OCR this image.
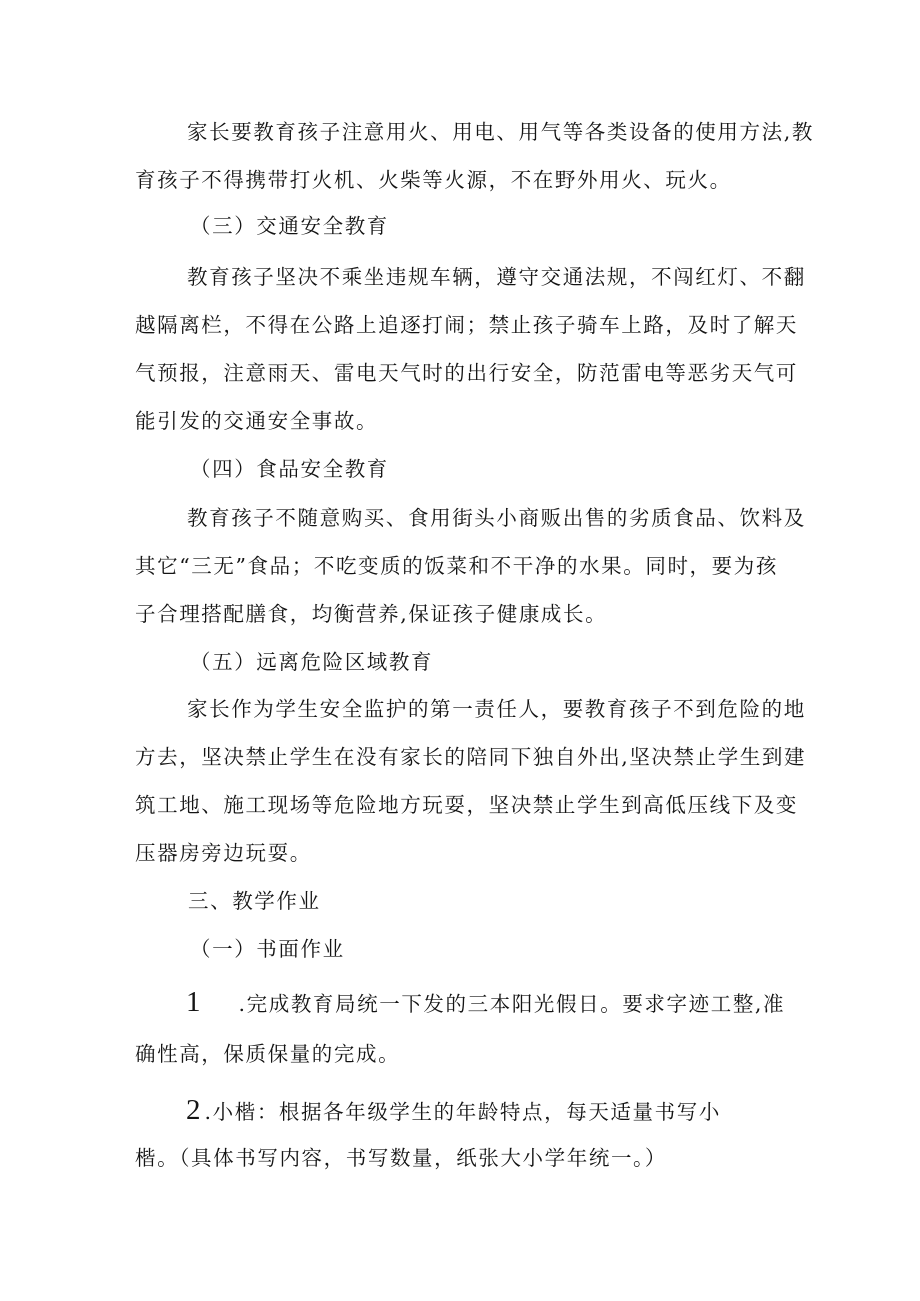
家长要教育孩子注意用火、用电、用气等各类设备的使用方法,教
育孩子不得携带打火机、火柴等火源，不在野外用火、玩火。
（三）交通安全教育
教育孩子坚决不乘坐违规车辆，遵守交通法规，不闯红灯、不翻
越隔离栏，不得在公路上追逐打闹；禁止孩子骑车上路，及时了解天
气预报，注意雨天、雷电天气时的出行安全，防范雷电等恶劣天气可
能引发的交通安全事故。
（四）食品安全教育
教育孩子不随意购买、食用街头小商贩出售的劣质食品、饮料及
其它“三无”食品；不吃变质的饭菜和不干净的水果。同时，要为孩
子合理搭配膳食，均衡营养,保证孩子健康成长。
（五）远离危险区域教育
家长作为学生安全监护的第一责任人，要教育孩子不到危险的地
方去，坚决禁止学生在没有家长的陪同下独自外出,坚决禁止学生到建
筑工地、施工现场等危险地方玩耍，坚决禁止学生到高低压线下及变
压器房旁边玩耍。
三、教学作业
（一）书面作业
1 .完成教育局统一下发的三本阳光假日。要求字迹工整,准
确性高，保质保量的完成。
2 .小楷：根据各年级学生的年龄特点，每天适量书写小
楷。（具体书写内容，书写数量，纸张大小学年统一。）
